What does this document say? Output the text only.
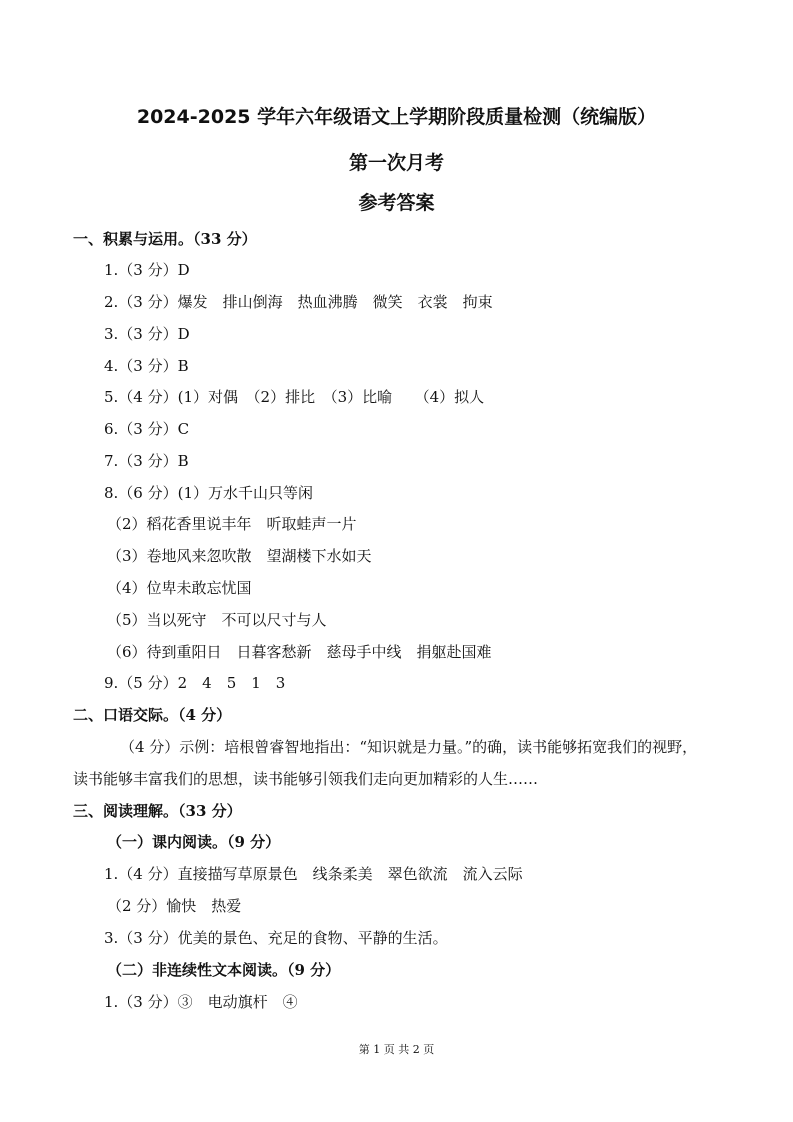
2024-2025 学年六年级语文上学期阶段质量检测（统编版）
第一次月考
参考答案
一、积累与运用。（33 分）
1.（3 分）D
2.（3 分）爆发　排山倒海　热血沸腾　微笑　衣裳　拘束
3.（3 分）D
4.（3 分）B
5.（4 分）(1）对偶　（2）排比　（3）比喻　　（4）拟人
6.（3 分）C
7.（3 分）B
8.（6 分）(1）万水千山只等闲
（2）稻花香里说丰年　听取蛙声一片
（3）卷地风来忽吹散　望湖楼下水如天
（4）位卑未敢忘忧国
（5）当以死守　不可以尺寸与人
（6）待到重阳日　日暮客愁新　慈母手中线　捐躯赴国难
9.（5 分）2　4　5　1　3
二、口语交际。（4 分）
（4 分）示例：培根曾睿智地指出：“知识就是力量。”的确，读书能够拓宽我们的视野，
读书能够丰富我们的思想，读书能够引领我们走向更加精彩的人生……
三、阅读理解。（33 分）
（一）课内阅读。（9 分）
1.（4 分）直接描写草原景色　线条柔美　翠色欲流　流入云际
（2 分）愉快　热爱
3.（3 分）优美的景色、充足的食物、平静的生活。
（二）非连续性文本阅读。（9 分）
1.（3 分）③　电动旗杆　④
第 1 页 共 2 页
